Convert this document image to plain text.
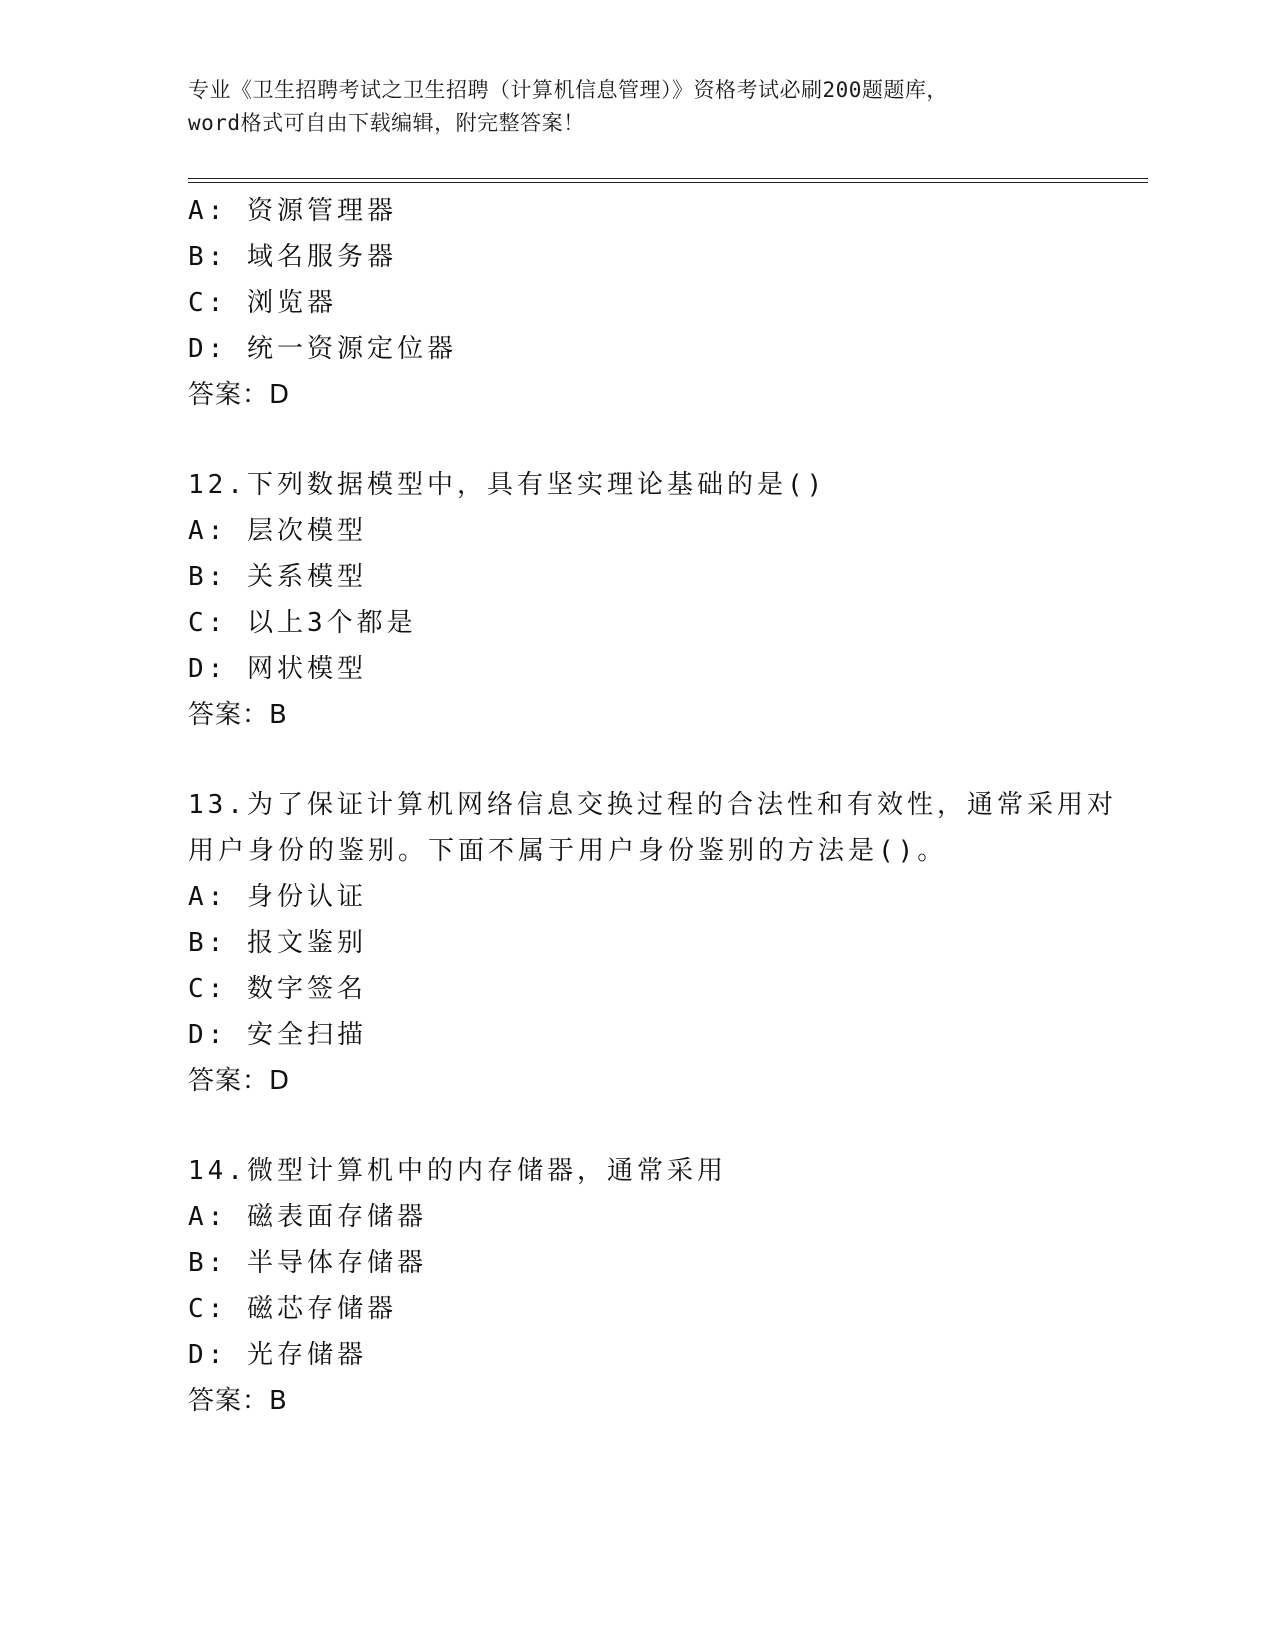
专业《卫生招聘考试之卫生招聘（计算机信息管理）》资格考试必刷200题题库，
word格式可自由下载编辑，附完整答案！
A: 资源管理器
B: 域名服务器
C: 浏览器
D: 统一资源定位器
答案：D
12.下列数据模型中，具有坚实理论基础的是()
A: 层次模型
B: 关系模型
C: 以上3个都是
D: 网状模型
答案：B
13.为了保证计算机网络信息交换过程的合法性和有效性，通常采用对
用户身份的鉴别。下面不属于用户身份鉴别的方法是()。
A: 身份认证
B: 报文鉴别
C: 数字签名
D: 安全扫描
答案：D
14.微型计算机中的内存储器，通常采用
A: 磁表面存储器
B: 半导体存储器
C: 磁芯存储器
D: 光存储器
答案：B
